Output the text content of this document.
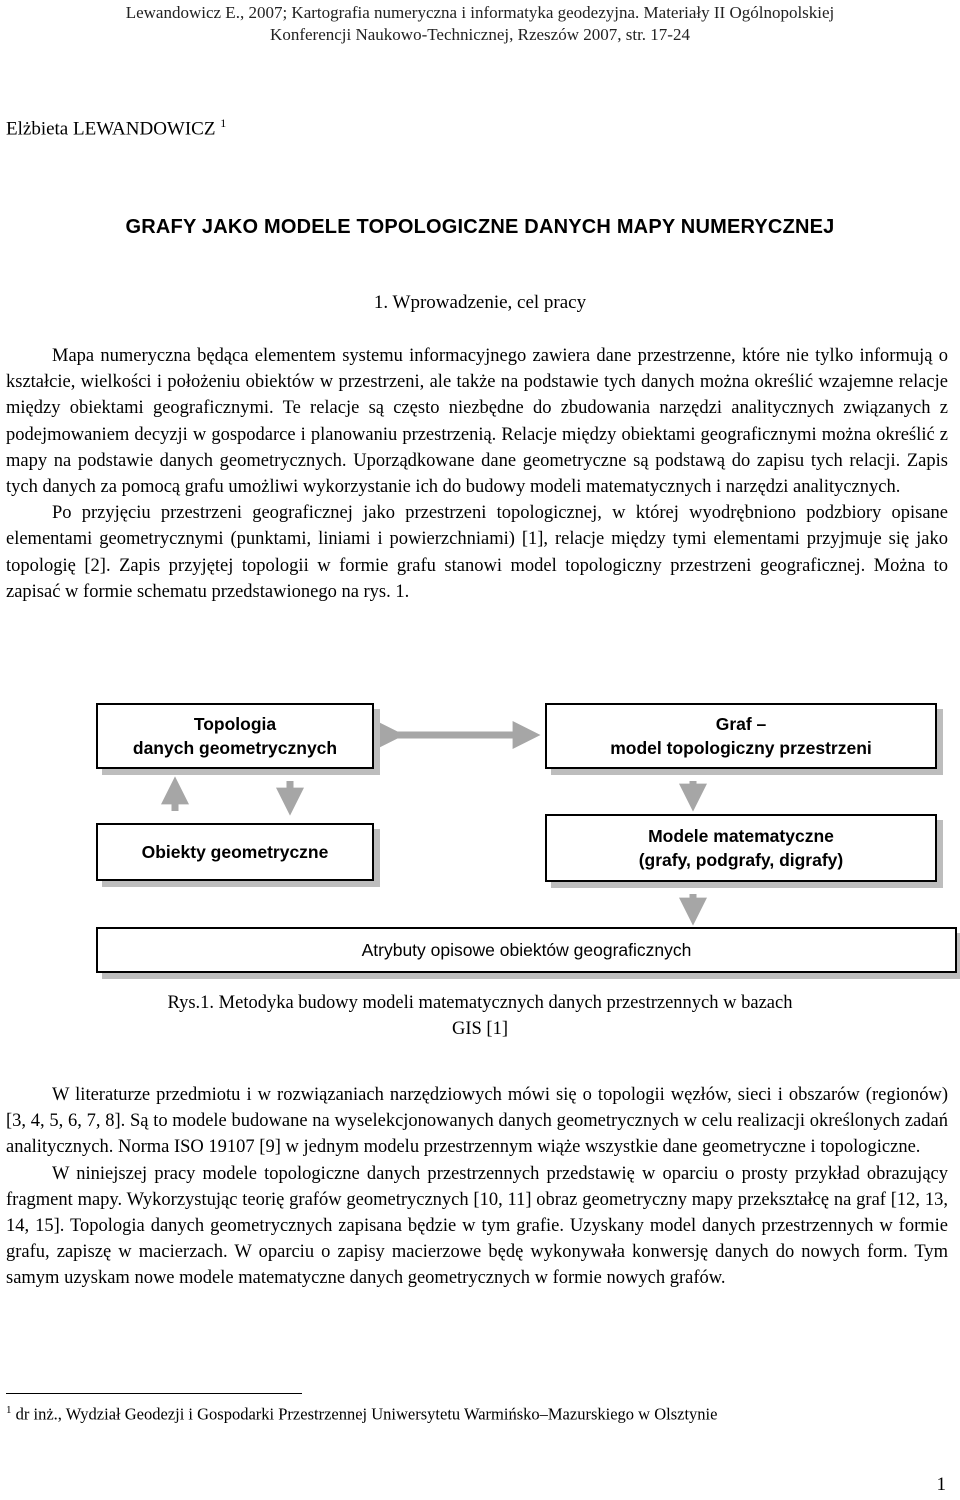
Lewandowicz E., 2007; Kartografia numeryczna i informatyka geodezyjna. Materiały II Ogólnopolskiej
Konferencji Naukowo-Technicznej, Rzeszów 2007, str. 17-24
Elżbieta LEWANDOWICZ $^1$
GRAFY JAKO MODELE TOPOLOGICZNE DANYCH MAPY NUMERYCZNEJ
1. Wprowadzenie, cel pracy

Mapa numeryczna będąca elementem systemu informacyjnego zawiera dane przestrzenne, które nie tylko informują o kształcie, wielkości i położeniu obiektów w przestrzeni, ale także na podstawie tych danych można określić wzajemne relacje między obiektami geograficznymi. Te relacje są często niezbędne do zbudowania narzędzi analitycznych związanych z podejmowaniem decyzji w gospodarce i planowaniu przestrzenią. Relacje między obiektami geograficznymi można określić z mapy na podstawie danych geometrycznych. Uporządkowane dane geometryczne są podstawą do zapisu tych relacji. Zapis tych danych za pomocą grafu umożliwi wykorzystanie ich do budowy modeli matematycznych i narzędzi analitycznych.

Po przyjęciu przestrzeni geograficznej jako przestrzeni topologicznej, w której wyodrębniono podzbiory opisane elementami geometrycznymi (punktami, liniami i powierzchniami) [1], relacje między tymi elementami przyjmuje się jako topologię [2]. Zapis przyjętej topologii w formie grafu stanowi model topologiczny przestrzeni geograficznej. Można to zapisać w formie schematu przedstawionego na rys. 1.

Topologia
danych geometrycznych
Graf –
model topologiczny przestrzeni
Obiekty geometryczne
Modele matematyczne
(grafy, podgrafy, digrafy)
Atrybuty opisowe obiektów geograficznych
Rys.1. Metodyka budowy modeli matematycznych danych przestrzennych w bazach
GIS [1]

W literaturze przedmiotu i w rozwiązaniach narzędziowych mówi się o topologii węzłów, sieci i obszarów (regionów) [3, 4, 5, 6, 7, 8]. Są to modele budowane na wyselekcjonowanych danych geometrycznych w celu realizacji określonych zadań analitycznych. Norma ISO 19107 [9] w jednym modelu przestrzennym wiąże wszystkie dane geometryczne i topologiczne.

W niniejszej pracy modele topologiczne danych przestrzennych przedstawię w oparciu o prosty przykład obrazujący fragment mapy. Wykorzystując teorię grafów geometrycznych [10, 11] obraz geometryczny mapy przekształcę na graf [12, 13, 14, 15]. Topologia danych geometrycznych zapisana będzie w tym grafie. Uzyskany model danych przestrzennych w formie grafu, zapiszę w macierzach. W oparciu o zapisy macierzowe będę wykonywała konwersję danych do nowych form. Tym samym uzyskam nowe modele matematyczne danych geometrycznych w formie nowych grafów.

$^1$ dr inż., Wydział Geodezji i Gospodarki Przestrzennej Uniwersytetu Warmińsko–Mazurskiego w Olsztynie
1
